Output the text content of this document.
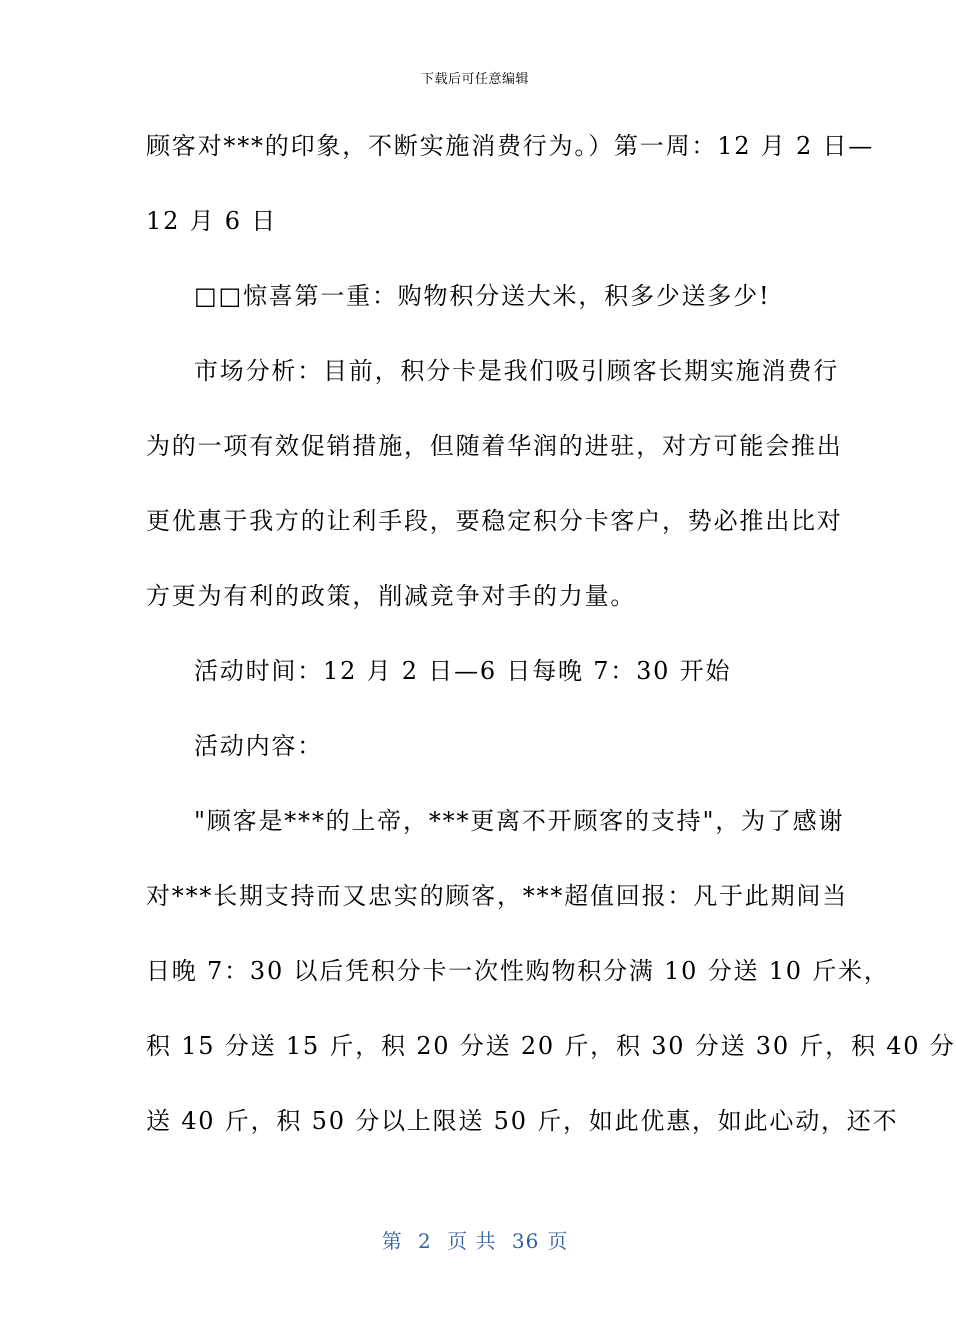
下载后可任意编辑
顾客对***的印象，不断实施消费行为。）第一周：12 月 2 日—
12 月 6 日
□□惊喜第一重：购物积分送大米，积多少送多少!
市场分析：目前，积分卡是我们吸引顾客长期实施消费行
为的一项有效促销措施，但随着华润的进驻，对方可能会推出
更优惠于我方的让利手段，要稳定积分卡客户，势必推出比对
方更为有利的政策，削减竞争对手的力量。
活动时间：12 月 2 日—6 日每晚 7：30 开始
活动内容：
"顾客是***的上帝，***更离不开顾客的支持"，为了感谢
对***长期支持而又忠实的顾客，***超值回报：凡于此期间当
日晚 7：30 以后凭积分卡一次性购物积分满 10 分送 10 斤米，
积 15 分送 15 斤，积 20 分送 20 斤，积 30 分送 30 斤，积 40 分
送 40 斤，积 50 分以上限送 50 斤，如此优惠，如此心动，还不
第 2 页 共 36 页
